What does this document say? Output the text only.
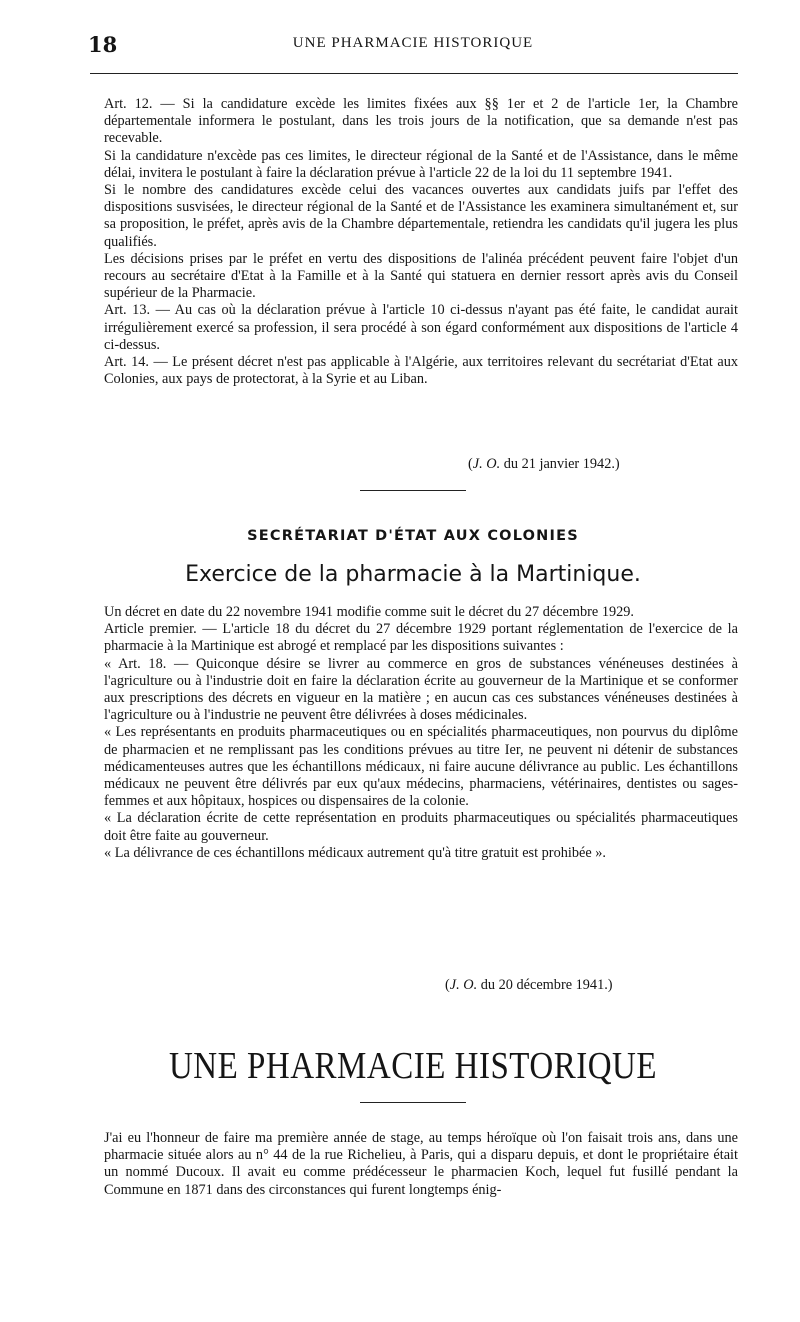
18	UNE PHARMACIE HISTORIQUE

Art. 12. — Si la candidature excède les limites fixées aux §§ 1er et 2 de l'article 1er, la Chambre départementale informera le postulant, dans les trois jours de la notification, que sa demande n'est pas recevable.

Si la candidature n'excède pas ces limites, le directeur régional de la Santé et de l'Assistance, dans le même délai, invitera le postulant à faire la déclaration prévue à l'article 22 de la loi du 11 septembre 1941.

Si le nombre des candidatures excède celui des vacances ouvertes aux candidats juifs par l'effet des dispositions susvisées, le directeur régional de la Santé et de l'Assistance les examinera simultanément et, sur sa proposition, le préfet, après avis de la Chambre départementale, retiendra les candidats qu'il jugera les plus qualifiés.

Les décisions prises par le préfet en vertu des dispositions de l'alinéa précédent peuvent faire l'objet d'un recours au secrétaire d'Etat à la Famille et à la Santé qui statuera en dernier ressort après avis du Conseil supérieur de la Pharmacie.

Art. 13. — Au cas où la déclaration prévue à l'article 10 ci-dessus n'ayant pas été faite, le candidat aurait irrégulièrement exercé sa profession, il sera procédé à son égard conformément aux dispositions de l'article 4 ci-dessus.

Art. 14. — Le présent décret n'est pas applicable à l'Algérie, aux territoires relevant du secrétariat d'Etat aux Colonies, aux pays de protectorat, à la Syrie et au Liban.

(J. O. du 21 janvier 1942.)
SECRÉTARIAT D'ÉTAT AUX COLONIES
Exercice de la pharmacie à la Martinique.

Un décret en date du 22 novembre 1941 modifie comme suit le décret du 27 décembre 1929.

Article premier. — L'article 18 du décret du 27 décembre 1929 portant réglementation de l'exercice de la pharmacie à la Martinique est abrogé et remplacé par les dispositions suivantes :

« Art. 18. — Quiconque désire se livrer au commerce en gros de substances vénéneuses destinées à l'agriculture ou à l'industrie doit en faire la déclaration écrite au gouverneur de la Martinique et se conformer aux prescriptions des décrets en vigueur en la matière ; en aucun cas ces substances vénéneuses destinées à l'agriculture ou à l'industrie ne peuvent être délivrées à doses médicinales.

« Les représentants en produits pharmaceutiques ou en spécialités pharmaceutiques, non pourvus du diplôme de pharmacien et ne remplissant pas les conditions prévues au titre Ier, ne peuvent ni détenir de substances médicamenteuses autres que les échantillons médicaux, ni faire aucune délivrance au public. Les échantillons médicaux ne peuvent être délivrés par eux qu'aux médecins, pharmaciens, vétérinaires, dentistes ou sages-femmes et aux hôpitaux, hospices ou dispensaires de la colonie.

« La déclaration écrite de cette représentation en produits pharmaceutiques ou spécialités pharmaceutiques doit être faite au gouverneur.

« La délivrance de ces échantillons médicaux autrement qu'à titre gratuit est prohibée ».

(J. O. du 20 décembre 1941.)
UNE PHARMACIE HISTORIQUE

J'ai eu l'honneur de faire ma première année de stage, au temps héroïque où l'on faisait trois ans, dans une pharmacie située alors au n° 44 de la rue Richelieu, à Paris, qui a disparu depuis, et dont le propriétaire était un nommé Ducoux. Il avait eu comme prédécesseur le pharmacien Koch, lequel fut fusillé pendant la Commune en 1871 dans des circonstances qui furent longtemps énig-
